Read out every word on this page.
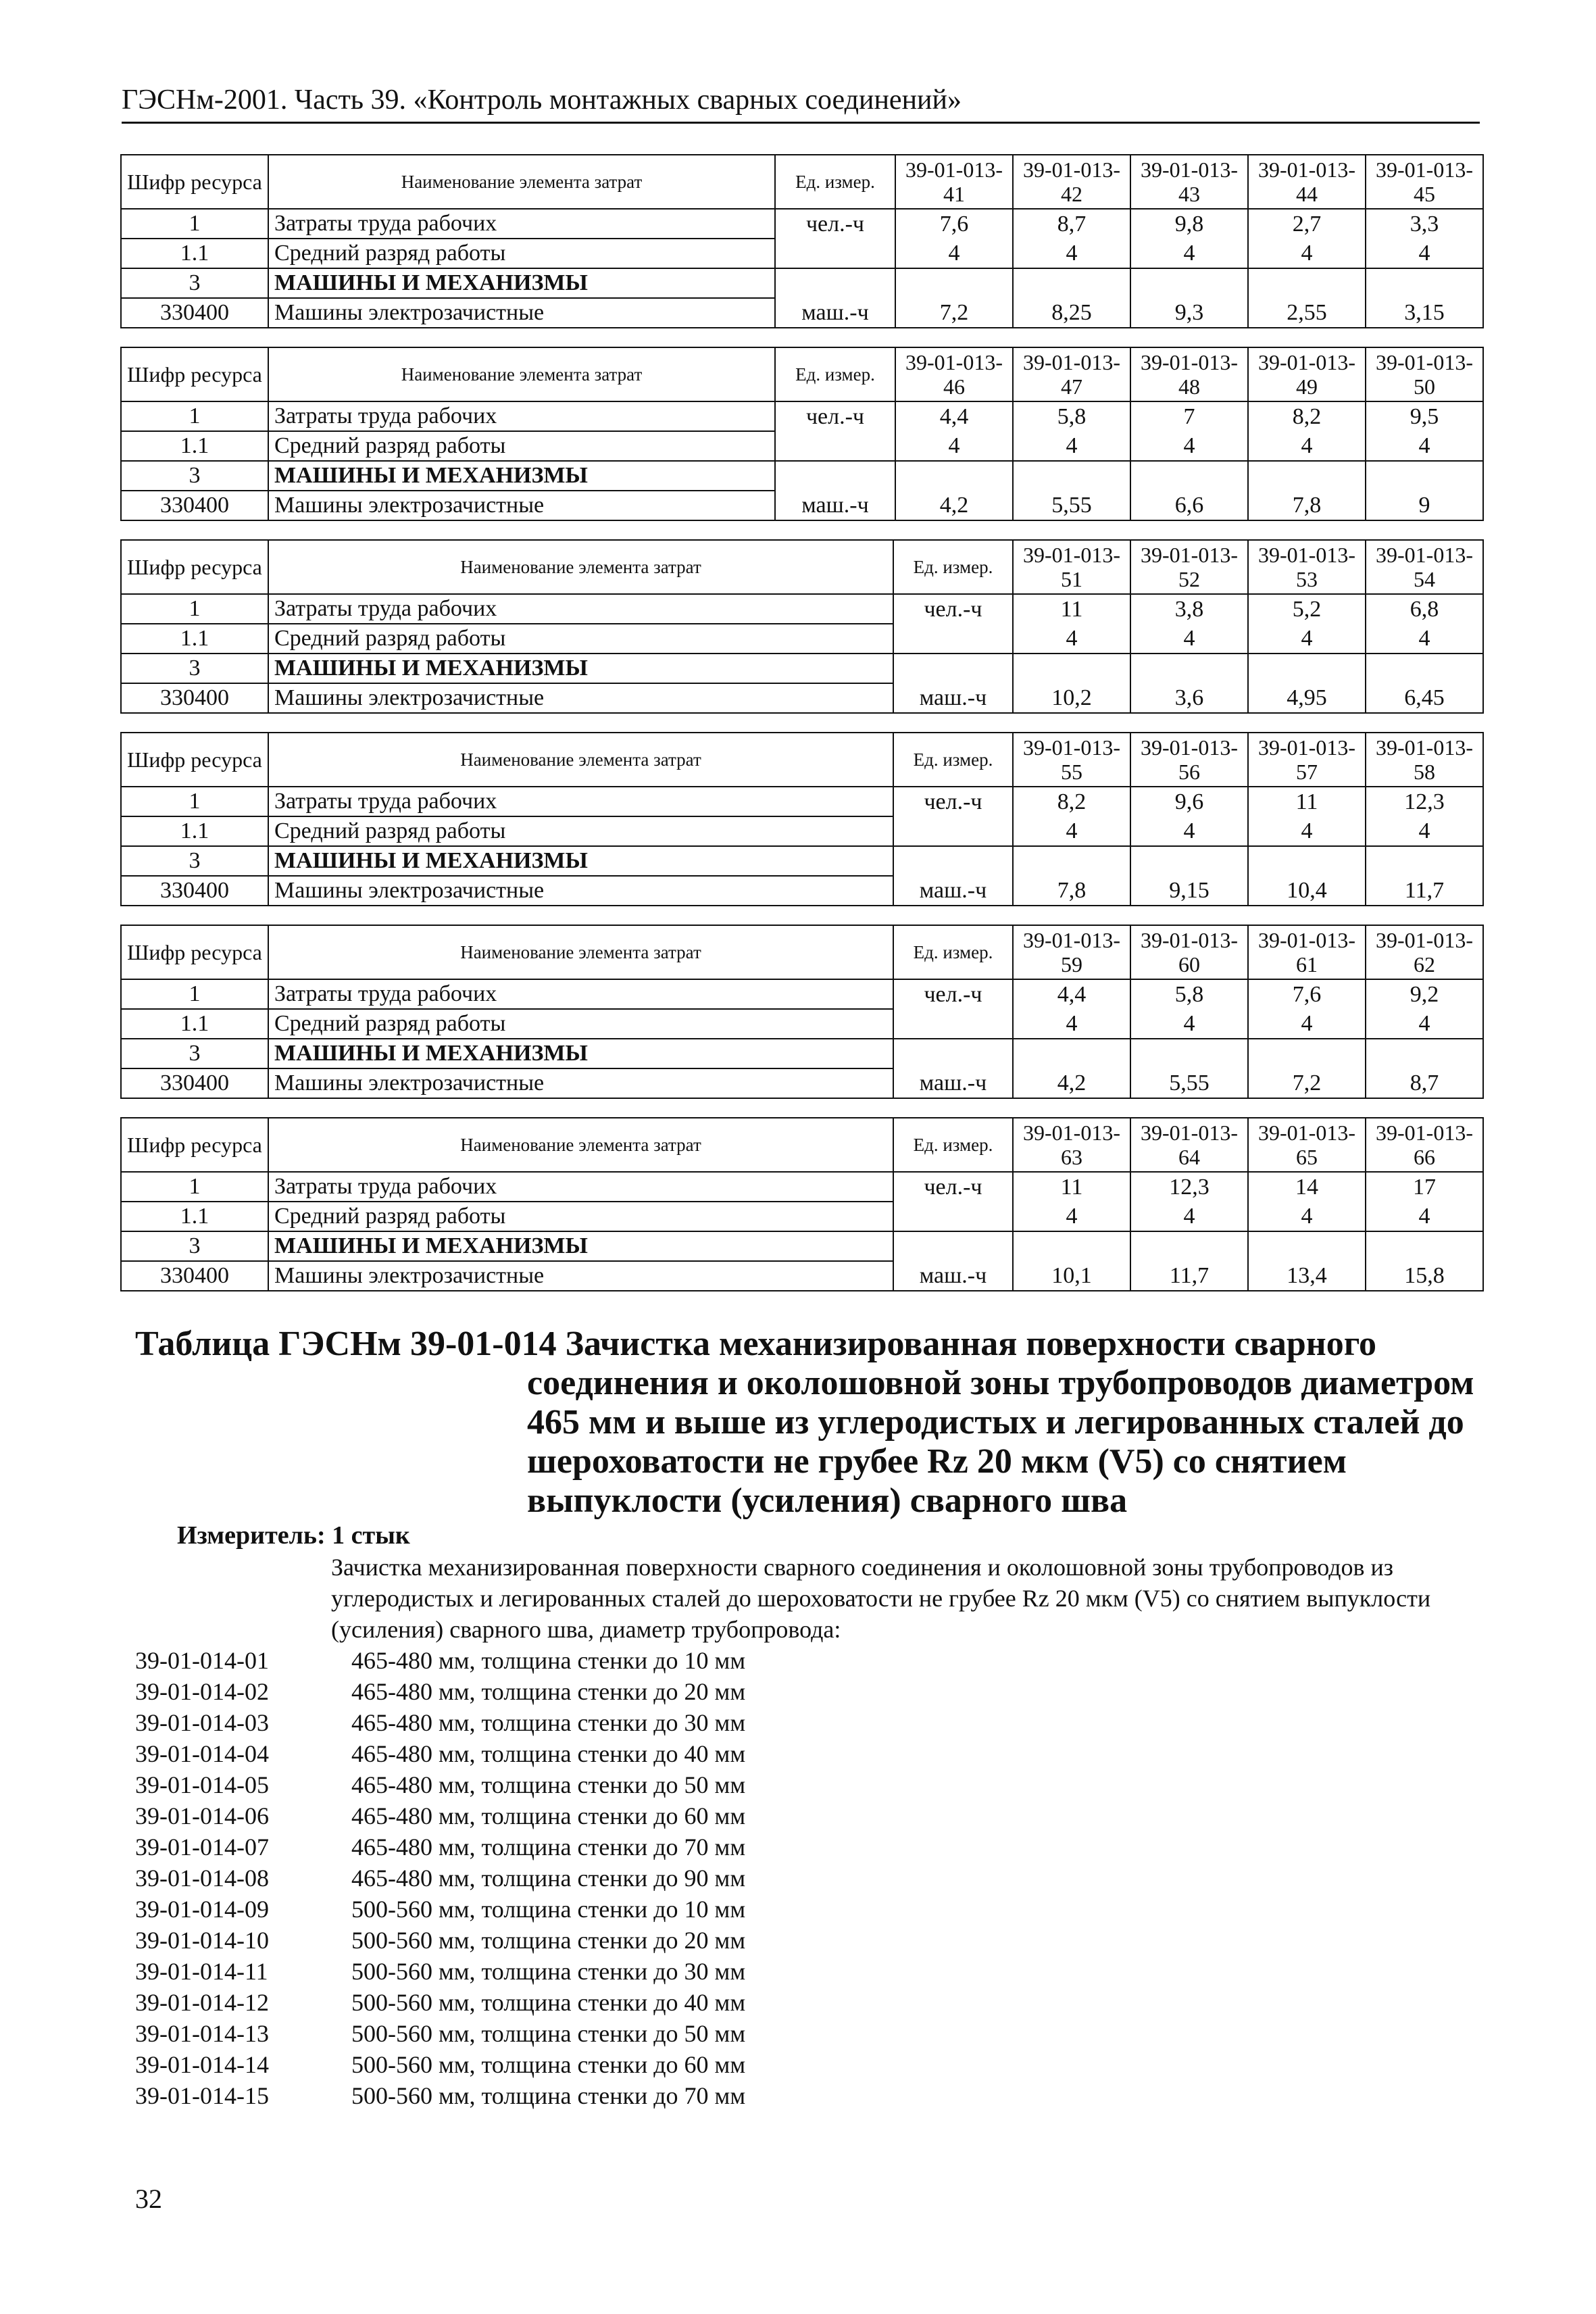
ГЭСНм-2001. Часть 39. «Контроль монтажных сварных соединений»
Шифр ресурса	Наименование элемента затрат	Ед. измер.	39-01-013-41	39-01-013-42	39-01-013-43	39-01-013-44	39-01-013-45
1	Затраты труда рабочих	чел.-ч	7,6	8,7	9,8	2,7	3,3
1.1	Средний разряд работы		4	4	4	4	4
3	МАШИНЫ И МЕХАНИЗМЫ						
330400	Машины электрозачистные	маш.-ч	7,2	8,25	9,3	2,55	3,15
Шифр ресурса	Наименование элемента затрат	Ед. измер.	39-01-013-46	39-01-013-47	39-01-013-48	39-01-013-49	39-01-013-50
1	Затраты труда рабочих	чел.-ч	4,4	5,8	7	8,2	9,5
1.1	Средний разряд работы		4	4	4	4	4
3	МАШИНЫ И МЕХАНИЗМЫ						
330400	Машины электрозачистные	маш.-ч	4,2	5,55	6,6	7,8	9
Шифр ресурса	Наименование элемента затрат	Ед. измер.	39-01-013-51	39-01-013-52	39-01-013-53	39-01-013-54
1	Затраты труда рабочих	чел.-ч	11	3,8	5,2	6,8
1.1	Средний разряд работы		4	4	4	4
3	МАШИНЫ И МЕХАНИЗМЫ					
330400	Машины электрозачистные	маш.-ч	10,2	3,6	4,95	6,45
Шифр ресурса	Наименование элемента затрат	Ед. измер.	39-01-013-55	39-01-013-56	39-01-013-57	39-01-013-58
1	Затраты труда рабочих	чел.-ч	8,2	9,6	11	12,3
1.1	Средний разряд работы		4	4	4	4
3	МАШИНЫ И МЕХАНИЗМЫ					
330400	Машины электрозачистные	маш.-ч	7,8	9,15	10,4	11,7
Шифр ресурса	Наименование элемента затрат	Ед. измер.	39-01-013-59	39-01-013-60	39-01-013-61	39-01-013-62
1	Затраты труда рабочих	чел.-ч	4,4	5,8	7,6	9,2
1.1	Средний разряд работы		4	4	4	4
3	МАШИНЫ И МЕХАНИЗМЫ					
330400	Машины электрозачистные	маш.-ч	4,2	5,55	7,2	8,7
Шифр ресурса	Наименование элемента затрат	Ед. измер.	39-01-013-63	39-01-013-64	39-01-013-65	39-01-013-66
1	Затраты труда рабочих	чел.-ч	11	12,3	14	17
1.1	Средний разряд работы		4	4	4	4
3	МАШИНЫ И МЕХАНИЗМЫ					
330400	Машины электрозачистные	маш.-ч	10,1	11,7	13,4	15,8
Таблица ГЭСНм 39-01-014 Зачистка механизированная поверхности сварного
соединения и околошовной зоны трубопроводов диаметром
465 мм и выше из углеродистых и легированных сталей до
шероховатости не грубее Rz 20 мкм (V5) со снятием
выпуклости (усиления) сварного шва
Измеритель: 1 стык
Зачистка механизированная поверхности сварного соединения и околошовной зоны трубопроводов из углеродистых и легированных сталей до шероховатости не грубее Rz 20 мкм (V5) со снятием выпуклости (усиления) сварного шва, диаметр трубопровода:
39-01-014-01	465-480 мм, толщина стенки до 10 мм
39-01-014-02	465-480 мм, толщина стенки до 20 мм
39-01-014-03	465-480 мм, толщина стенки до 30 мм
39-01-014-04	465-480 мм, толщина стенки до 40 мм
39-01-014-05	465-480 мм, толщина стенки до 50 мм
39-01-014-06	465-480 мм, толщина стенки до 60 мм
39-01-014-07	465-480 мм, толщина стенки до 70 мм
39-01-014-08	465-480 мм, толщина стенки до 90 мм
39-01-014-09	500-560 мм, толщина стенки до 10 мм
39-01-014-10	500-560 мм, толщина стенки до 20 мм
39-01-014-11	500-560 мм, толщина стенки до 30 мм
39-01-014-12	500-560 мм, толщина стенки до 40 мм
39-01-014-13	500-560 мм, толщина стенки до 50 мм
39-01-014-14	500-560 мм, толщина стенки до 60 мм
39-01-014-15	500-560 мм, толщина стенки до 70 мм
32
